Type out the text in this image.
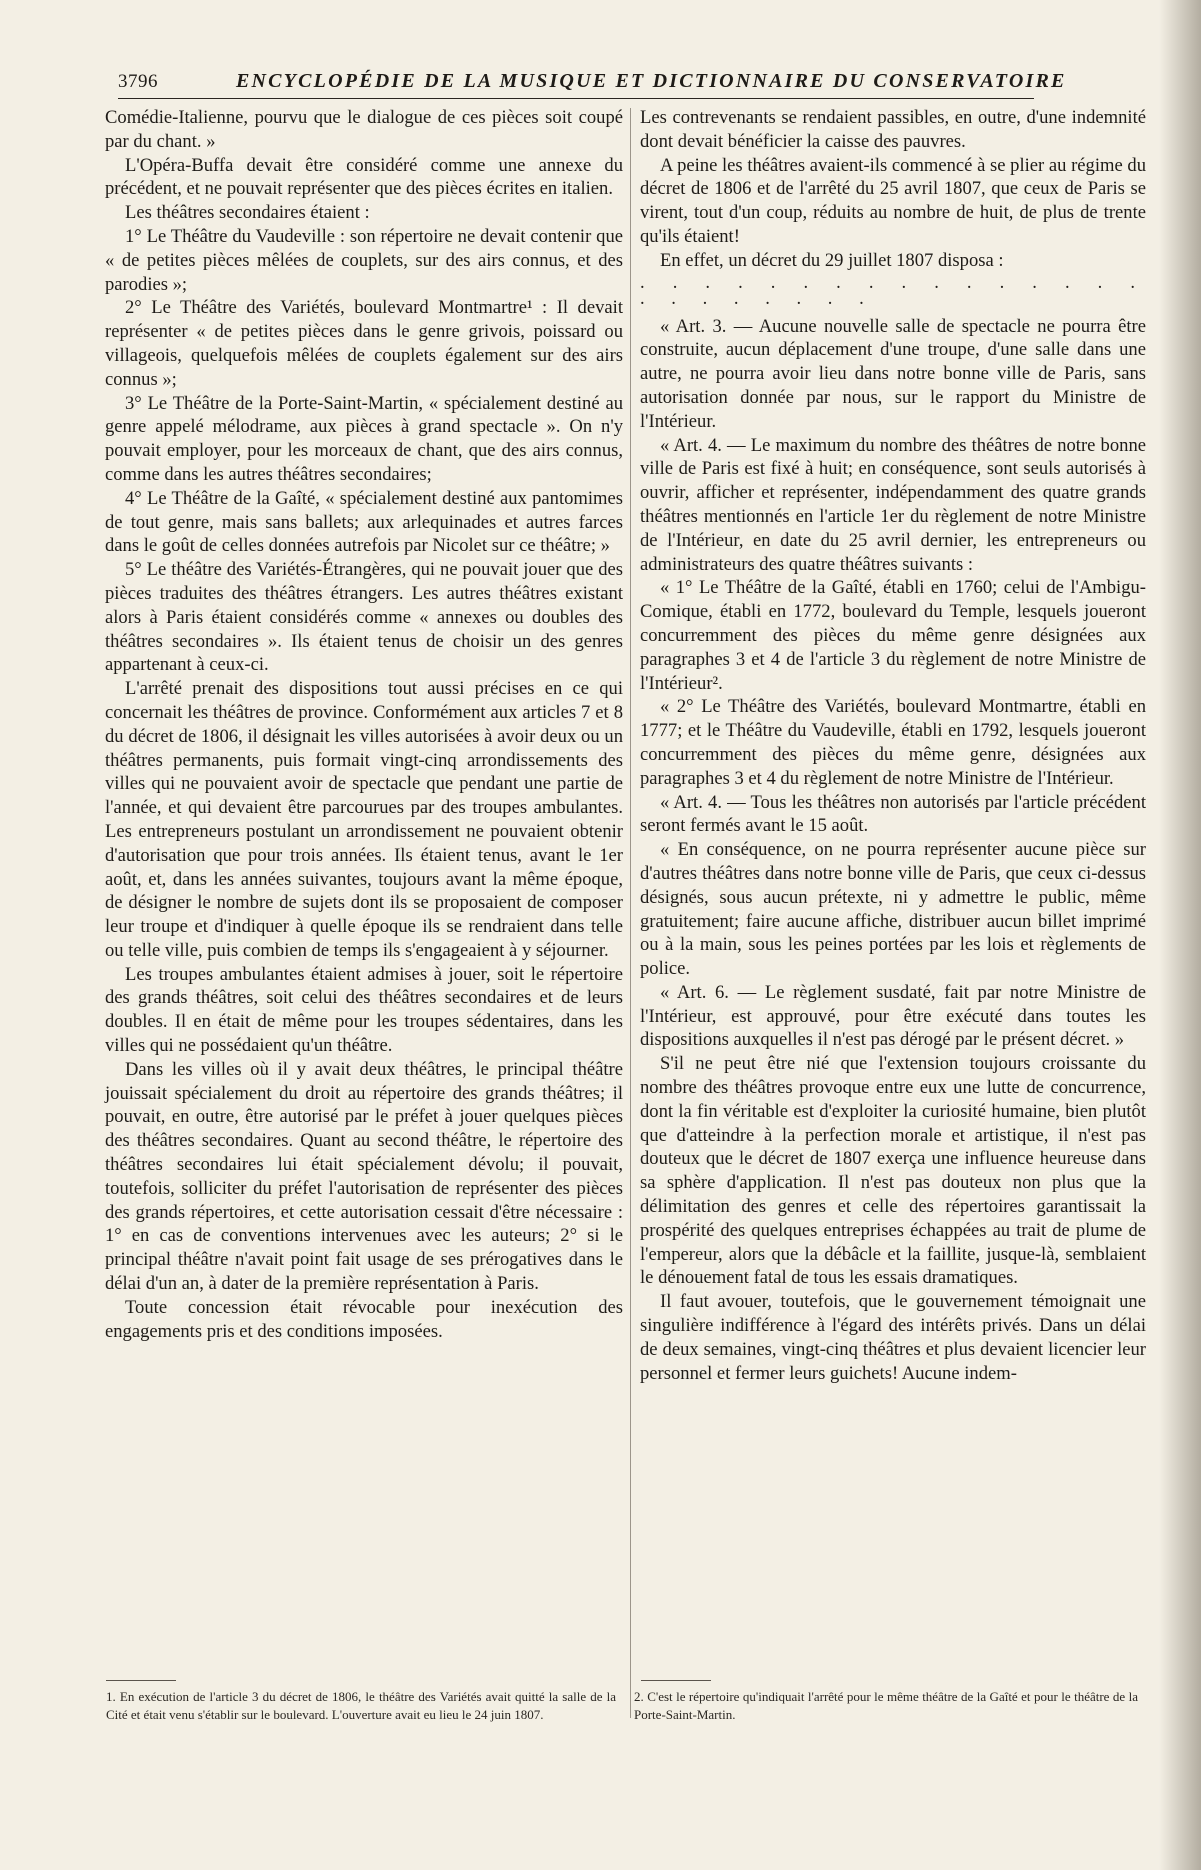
3796	ENCYCLOPÉDIE DE LA MUSIQUE ET DICTIONNAIRE DU CONSERVATOIRE

Comédie-Italienne, pourvu que le dialogue de ces pièces soit coupé par du chant. »

L'Opéra-Buffa devait être considéré comme une annexe du précédent, et ne pouvait représenter que des pièces écrites en italien.

Les théâtres secondaires étaient :

1° Le Théâtre du Vaudeville : son répertoire ne devait contenir que « de petites pièces mêlées de couplets, sur des airs connus, et des parodies »;

2° Le Théâtre des Variétés, boulevard Montmartre¹ : Il devait représenter « de petites pièces dans le genre grivois, poissard ou villageois, quelquefois mêlées de couplets également sur des airs connus »;

3° Le Théâtre de la Porte-Saint-Martin, « spécialement destiné au genre appelé mélodrame, aux pièces à grand spectacle ». On n'y pouvait employer, pour les morceaux de chant, que des airs connus, comme dans les autres théâtres secondaires;

4° Le Théâtre de la Gaîté, « spécialement destiné aux pantomimes de tout genre, mais sans ballets; aux arlequinades et autres farces dans le goût de celles données autrefois par Nicolet sur ce théâtre; »

5° Le théâtre des Variétés-Étrangères, qui ne pouvait jouer que des pièces traduites des théâtres étrangers. Les autres théâtres existant alors à Paris étaient considérés comme « annexes ou doubles des théâtres secondaires ». Ils étaient tenus de choisir un des genres appartenant à ceux-ci.

L'arrêté prenait des dispositions tout aussi précises en ce qui concernait les théâtres de province. Conformément aux articles 7 et 8 du décret de 1806, il désignait les villes autorisées à avoir deux ou un théâtres permanents, puis formait vingt-cinq arrondissements des villes qui ne pouvaient avoir de spectacle que pendant une partie de l'année, et qui devaient être parcourues par des troupes ambulantes. Les entrepreneurs postulant un arrondissement ne pouvaient obtenir d'autorisation que pour trois années. Ils étaient tenus, avant le 1er août, et, dans les années suivantes, toujours avant la même époque, de désigner le nombre de sujets dont ils se proposaient de composer leur troupe et d'indiquer à quelle époque ils se rendraient dans telle ou telle ville, puis combien de temps ils s'engageaient à y séjourner.

Les troupes ambulantes étaient admises à jouer, soit le répertoire des grands théâtres, soit celui des théâtres secondaires et de leurs doubles. Il en était de même pour les troupes sédentaires, dans les villes qui ne possédaient qu'un théâtre.

Dans les villes où il y avait deux théâtres, le principal théâtre jouissait spécialement du droit au répertoire des grands théâtres; il pouvait, en outre, être autorisé par le préfet à jouer quelques pièces des théâtres secondaires. Quant au second théâtre, le répertoire des théâtres secondaires lui était spécialement dévolu; il pouvait, toutefois, solliciter du préfet l'autorisation de représenter des pièces des grands répertoires, et cette autorisation cessait d'être nécessaire : 1° en cas de conventions intervenues avec les auteurs; 2° si le principal théâtre n'avait point fait usage de ses prérogatives dans le délai d'un an, à dater de la première représentation à Paris.

Toute concession était révocable pour inexécution des engagements pris et des conditions imposées.

Les contrevenants se rendaient passibles, en outre, d'une indemnité dont devait bénéficier la caisse des pauvres.

A peine les théâtres avaient-ils commencé à se plier au régime du décret de 1806 et de l'arrêté du 25 avril 1807, que ceux de Paris se virent, tout d'un coup, réduits au nombre de huit, de plus de trente qu'ils étaient!

En effet, un décret du 29 juillet 1807 disposa :

. . . . . . . . . . . . . . . . . . . . . . . .

« Art. 3. — Aucune nouvelle salle de spectacle ne pourra être construite, aucun déplacement d'une troupe, d'une salle dans une autre, ne pourra avoir lieu dans notre bonne ville de Paris, sans autorisation donnée par nous, sur le rapport du Ministre de l'Intérieur.

« Art. 4. — Le maximum du nombre des théâtres de notre bonne ville de Paris est fixé à huit; en conséquence, sont seuls autorisés à ouvrir, afficher et représenter, indépendamment des quatre grands théâtres mentionnés en l'article 1er du règlement de notre Ministre de l'Intérieur, en date du 25 avril dernier, les entrepreneurs ou administrateurs des quatre théâtres suivants :

« 1° Le Théâtre de la Gaîté, établi en 1760; celui de l'Ambigu-Comique, établi en 1772, boulevard du Temple, lesquels joueront concurremment des pièces du même genre désignées aux paragraphes 3 et 4 de l'article 3 du règlement de notre Ministre de l'Intérieur².

« 2° Le Théâtre des Variétés, boulevard Montmartre, établi en 1777; et le Théâtre du Vaudeville, établi en 1792, lesquels joueront concurremment des pièces du même genre, désignées aux paragraphes 3 et 4 du règlement de notre Ministre de l'Intérieur.

« Art. 4. — Tous les théâtres non autorisés par l'article précédent seront fermés avant le 15 août.

« En conséquence, on ne pourra représenter aucune pièce sur d'autres théâtres dans notre bonne ville de Paris, que ceux ci-dessus désignés, sous aucun prétexte, ni y admettre le public, même gratuitement; faire aucune affiche, distribuer aucun billet imprimé ou à la main, sous les peines portées par les lois et règlements de police.

« Art. 6. — Le règlement susdaté, fait par notre Ministre de l'Intérieur, est approuvé, pour être exécuté dans toutes les dispositions auxquelles il n'est pas dérogé par le présent décret. »

S'il ne peut être nié que l'extension toujours croissante du nombre des théâtres provoque entre eux une lutte de concurrence, dont la fin véritable est d'exploiter la curiosité humaine, bien plutôt que d'atteindre à la perfection morale et artistique, il n'est pas douteux que le décret de 1807 exerça une influence heureuse dans sa sphère d'application. Il n'est pas douteux non plus que la délimitation des genres et celle des répertoires garantissait la prospérité des quelques entreprises échappées au trait de plume de l'empereur, alors que la débâcle et la faillite, jusque-là, semblaient le dénouement fatal de tous les essais dramatiques.

Il faut avouer, toutefois, que le gouvernement témoignait une singulière indifférence à l'égard des intérêts privés. Dans un délai de deux semaines, vingt-cinq théâtres et plus devaient licencier leur personnel et fermer leurs guichets! Aucune indem-

1. En exécution de l'article 3 du décret de 1806, le théâtre des Variétés avait quitté la salle de la Cité et était venu s'établir sur le boulevard. L'ouverture avait eu lieu le 24 juin 1807.
2. C'est le répertoire qu'indiquait l'arrêté pour le même théâtre de la Gaîté et pour le théâtre de la Porte-Saint-Martin.
